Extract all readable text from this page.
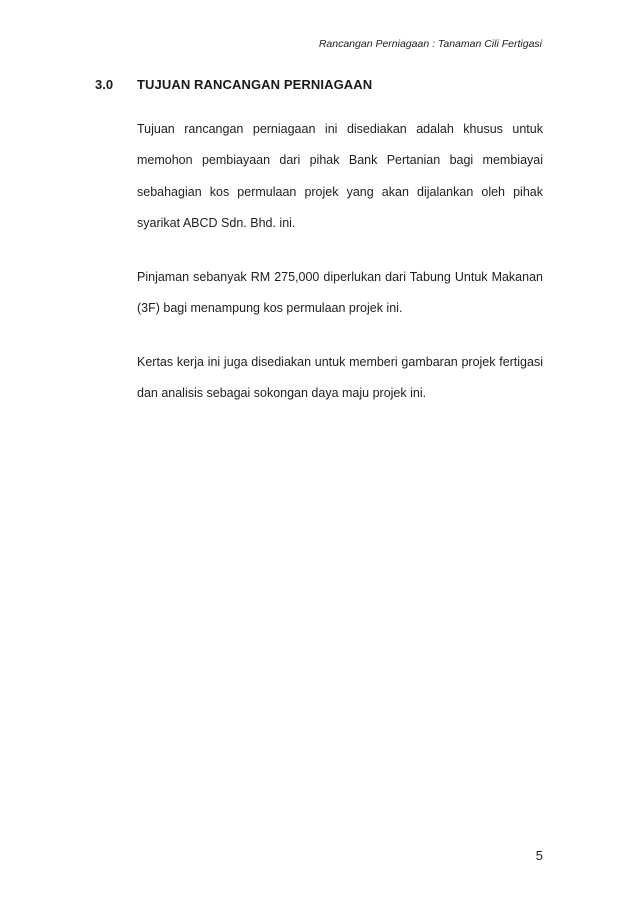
Rancangan Perniagaan : Tanaman Cili Fertigasi
3.0 TUJUAN RANCANGAN PERNIAGAAN

Tujuan rancangan perniagaan ini disediakan adalah khusus untuk memohon pembiayaan dari pihak Bank Pertanian bagi membiayai sebahagian kos permulaan projek yang akan dijalankan oleh pihak syarikat ABCD Sdn. Bhd. ini.

Pinjaman sebanyak RM 275,000 diperlukan dari Tabung Untuk Makanan (3F) bagi menampung kos permulaan projek ini.

Kertas kerja ini juga disediakan untuk memberi gambaran projek fertigasi dan analisis sebagai sokongan daya maju projek ini.

5
